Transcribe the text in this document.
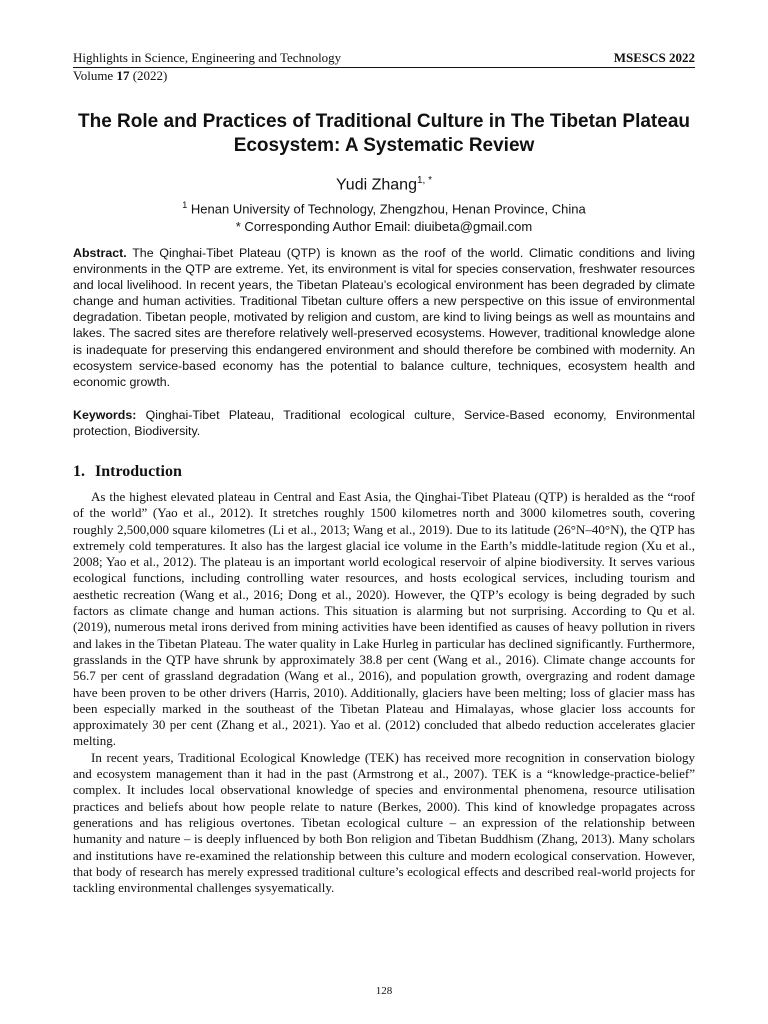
Highlights in Science, Engineering and Technology	MSESCS 2022
Volume 17 (2022)
The Role and Practices of Traditional Culture in The Tibetan Plateau Ecosystem: A Systematic Review
Yudi Zhang$^{1, *}$
$^1$ Henan University of Technology, Zhengzhou, Henan Province, China
* Corresponding Author Email: diuibeta@gmail.com

Abstract. The Qinghai-Tibet Plateau (QTP) is known as the roof of the world. Climatic conditions and living environments in the QTP are extreme. Yet, its environment is vital for species conservation, freshwater resources and local livelihood. In recent years, the Tibetan Plateau’s ecological environment has been degraded by climate change and human activities. Traditional Tibetan culture offers a new perspective on this issue of environmental degradation. Tibetan people, motivated by religion and custom, are kind to living beings as well as mountains and lakes. The sacred sites are therefore relatively well-preserved ecosystems. However, traditional knowledge alone is inadequate for preserving this endangered environment and should therefore be combined with modernity. An ecosystem service-based economy has the potential to balance culture, techniques, ecosystem health and economic growth.

Keywords: Qinghai-Tibet Plateau, Traditional ecological culture, Service-Based economy, Environmental protection, Biodiversity.

1. Introduction

As the highest elevated plateau in Central and East Asia, the Qinghai-Tibet Plateau (QTP) is heralded as the “roof of the world” (Yao et al., 2012). It stretches roughly 1500 kilometres north and 3000 kilometres south, covering roughly 2,500,000 square kilometres (Li et al., 2013; Wang et al., 2019). Due to its latitude (26°N–40°N), the QTP has extremely cold temperatures. It also has the largest glacial ice volume in the Earth’s middle-latitude region (Xu et al., 2008; Yao et al., 2012). The plateau is an important world ecological reservoir of alpine biodiversity. It serves various ecological functions, including controlling water resources, and hosts ecological services, including tourism and aesthetic recreation (Wang et al., 2016; Dong et al., 2020). However, the QTP’s ecology is being degraded by such factors as climate change and human actions. This situation is alarming but not surprising. According to Qu et al. (2019), numerous metal irons derived from mining activities have been identified as causes of heavy pollution in rivers and lakes in the Tibetan Plateau. The water quality in Lake Hurleg in particular has declined significantly. Furthermore, grasslands in the QTP have shrunk by approximately 38.8 per cent (Wang et al., 2016). Climate change accounts for 56.7 per cent of grassland degradation (Wang et al., 2016), and population growth, overgrazing and rodent damage have been proven to be other drivers (Harris, 2010). Additionally, glaciers have been melting; loss of glacier mass has been especially marked in the southeast of the Tibetan Plateau and Himalayas, whose glacier loss accounts for approximately 30 per cent (Zhang et al., 2021). Yao et al. (2012) concluded that albedo reduction accelerates glacier melting.

In recent years, Traditional Ecological Knowledge (TEK) has received more recognition in conservation biology and ecosystem management than it had in the past (Armstrong et al., 2007). TEK is a “knowledge-practice-belief” complex. It includes local observational knowledge of species and environmental phenomena, resource utilisation practices and beliefs about how people relate to nature (Berkes, 2000). This kind of knowledge propagates across generations and has religious overtones. Tibetan ecological culture – an expression of the relationship between humanity and nature – is deeply influenced by both Bon religion and Tibetan Buddhism (Zhang, 2013). Many scholars and institutions have re-examined the relationship between this culture and modern ecological conservation. However, that body of research has merely expressed traditional culture’s ecological effects and described real-world projects for tackling environmental challenges sysyematically.

128
